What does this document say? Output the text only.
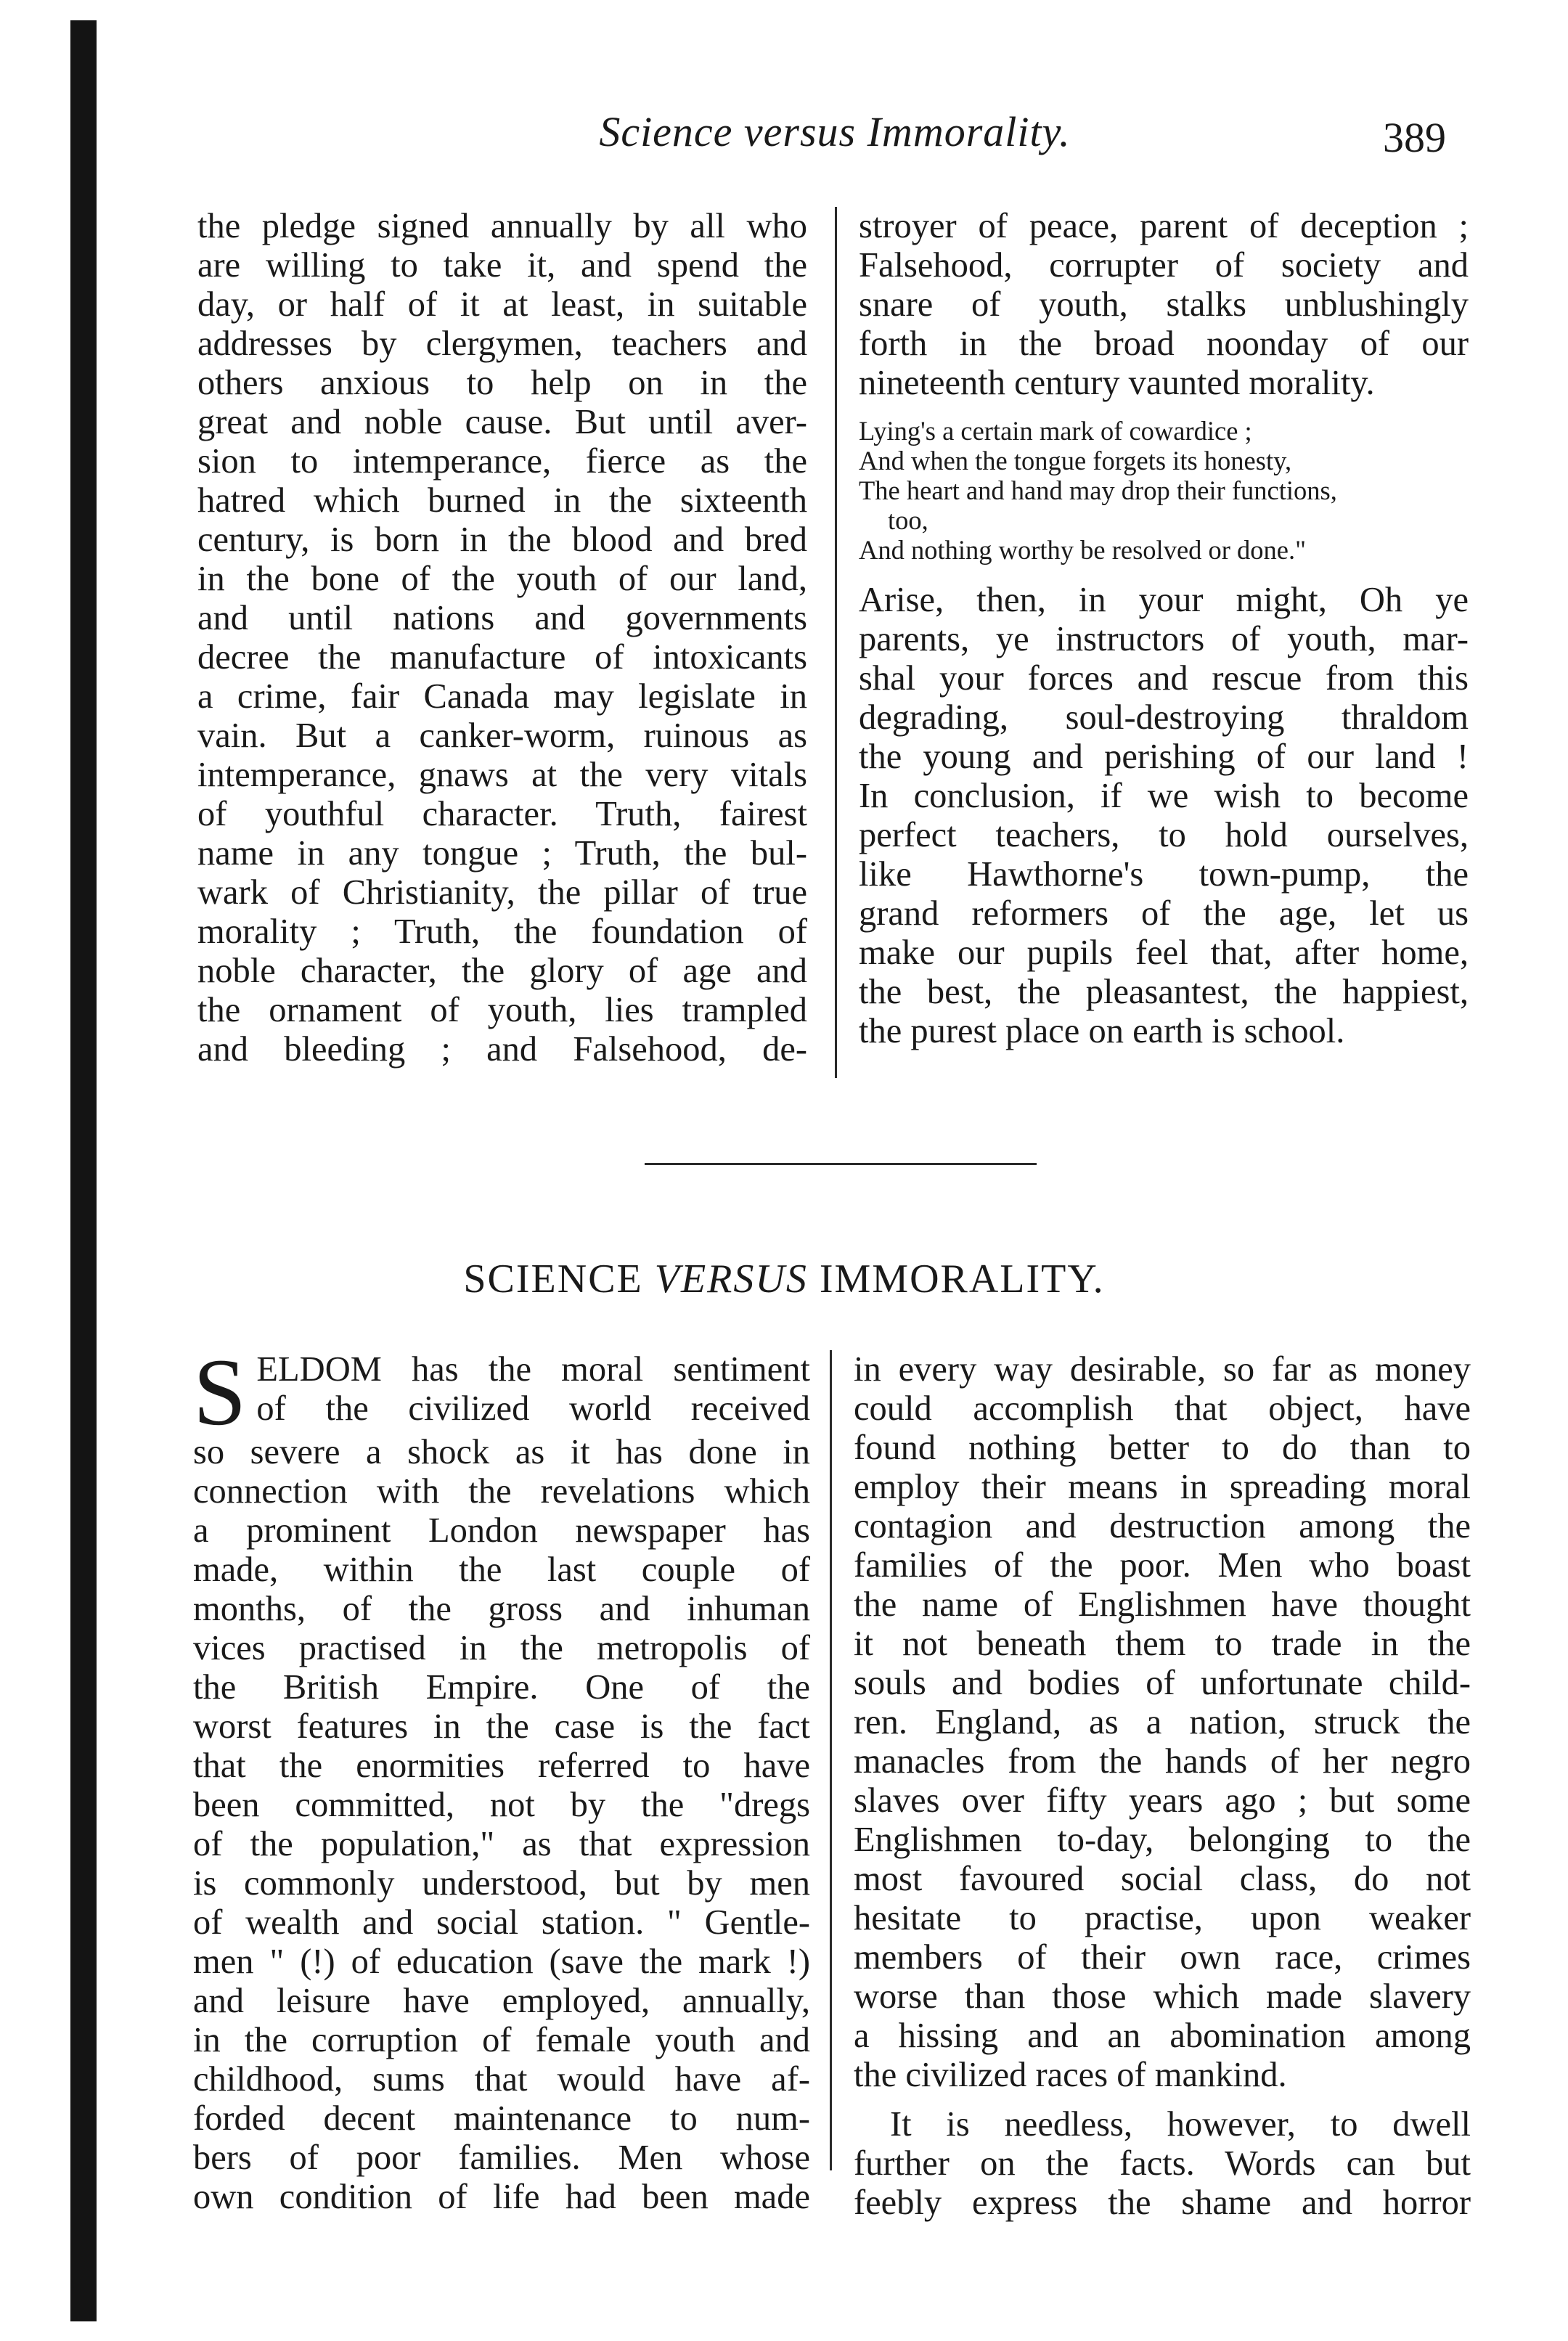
Science versus Immorality.	389

the pledge signed annually by all who

are willing to take it, and spend the

day, or half of it at least, in suitable

addresses by clergymen, teachers and

others anxious to help on in the

great and noble cause. But until aver-

sion to intemperance, fierce as the

hatred which burned in the sixteenth

century, is born in the blood and bred

in the bone of the youth of our land,

and until nations and governments

decree the manufacture of intoxicants

a crime, fair Canada may legislate in

vain. But a canker-worm, ruinous as

intemperance, gnaws at the very vitals

of youthful character. Truth, fairest

name in any tongue ; Truth, the bul-

wark of Christianity, the pillar of true

morality ; Truth, the foundation of

noble character, the glory of age and

the ornament of youth, lies trampled

and bleeding ; and Falsehood, de-

stroyer of peace, parent of deception ;

Falsehood, corrupter of society and

snare of youth, stalks unblushingly

forth in the broad noonday of our

nineteenth century vaunted morality.

Lying's a certain mark of cowardice ;
And when the tongue forgets its honesty,
The heart and hand may drop their functions,
too,
And nothing worthy be resolved or done."

Arise, then, in your might, Oh ye

parents, ye instructors of youth, mar-

shal your forces and rescue from this

degrading, soul-destroying thraldom

the young and perishing of our land !

In conclusion, if we wish to become

perfect teachers, to hold ourselves,

like Hawthorne's town-pump, the

grand reformers of the age, let us

make our pupils feel that, after home,

the best, the pleasantest, the happiest,

the purest place on earth is school.

SCIENCE VERSUS IMMORALITY.
S ELDOM has the moral sentiment

of the civilized world received

so severe a shock as it has done in

connection with the revelations which

a prominent London newspaper has

made, within the last couple of

months, of the gross and inhuman

vices practised in the metropolis of

the British Empire. One of the

worst features in the case is the fact

that the enormities referred to have

been committed, not by the "dregs

of the population," as that expression

is commonly understood, but by men

of wealth and social station. " Gentle-

men " (!) of education (save the mark !)

and leisure have employed, annually,

in the corruption of female youth and

childhood, sums that would have af-

forded decent maintenance to num-

bers of poor families. Men whose

own condition of life had been made

in every way desirable, so far as money

could accomplish that object, have

found nothing better to do than to

employ their means in spreading moral

contagion and destruction among the

families of the poor. Men who boast

the name of Englishmen have thought

it not beneath them to trade in the

souls and bodies of unfortunate child-

ren. England, as a nation, struck the

manacles from the hands of her negro

slaves over fifty years ago ; but some

Englishmen to-day, belonging to the

most favoured social class, do not

hesitate to practise, upon weaker

members of their own race, crimes

worse than those which made slavery

a hissing and an abomination among

the civilized races of mankind.

It is needless, however, to dwell

further on the facts. Words can but

feebly express the shame and horror
